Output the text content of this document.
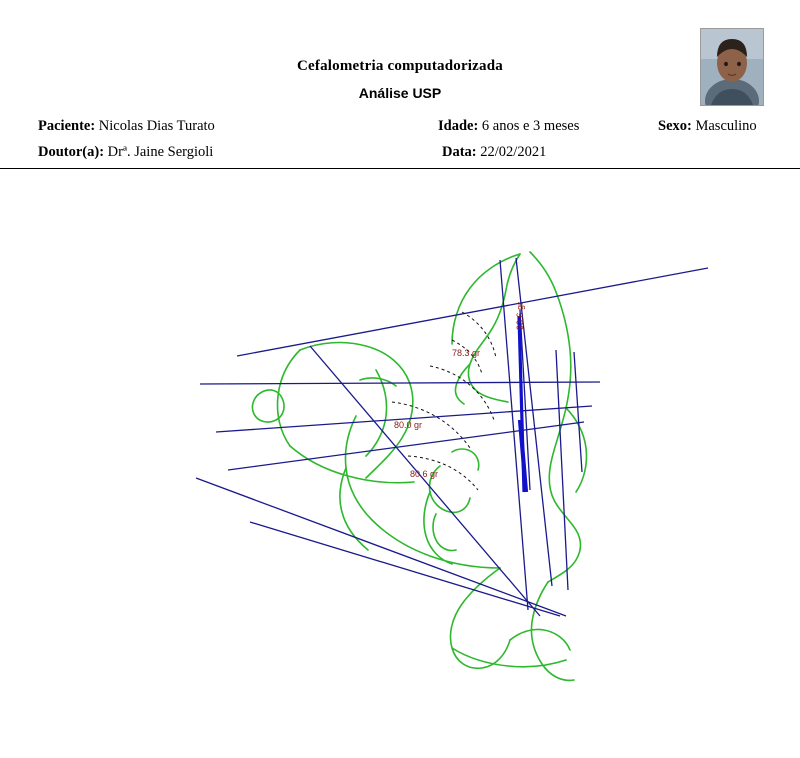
Cefalometria computadorizada
Análise USP
Paciente: Nicolas Dias Turato
Doutor(a): Drª. Jaine Sergioli
Idade: 6 anos e 3 meses
Data: 22/02/2021
Sexo: Masculino
93.6 gr
78.3 gr
80.0 gr
80.6 gr
